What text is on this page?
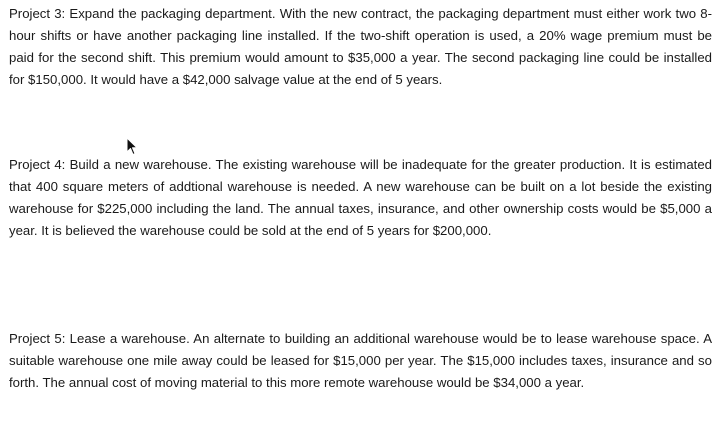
Project 3: Expand the packaging department. With the new contract, the packaging department must either work two 8-hour shifts or have another packaging line installed. If the two-shift operation is used, a 20% wage premium must be paid for the second shift. This premium would amount to $35,000 a year. The second packaging line could be installed for $150,000. It would have a $42,000 salvage value at the end of 5 years.

Project 4: Build a new warehouse. The existing warehouse will be inadequate for the greater production. It is estimated that 400 square meters of addtional warehouse is needed. A new warehouse can be built on a lot beside the existing warehouse for $225,000 including the land. The annual taxes, insurance, and other ownership costs would be $5,000 a year. It is believed the warehouse could be sold at the end of 5 years for $200,000.

Project 5: Lease a warehouse. An alternate to building an additional warehouse would be to lease warehouse space. A suitable warehouse one mile away could be leased for $15,000 per year. The $15,000 includes taxes, insurance and so forth. The annual cost of moving material to this more remote warehouse would be $34,000 a year.
